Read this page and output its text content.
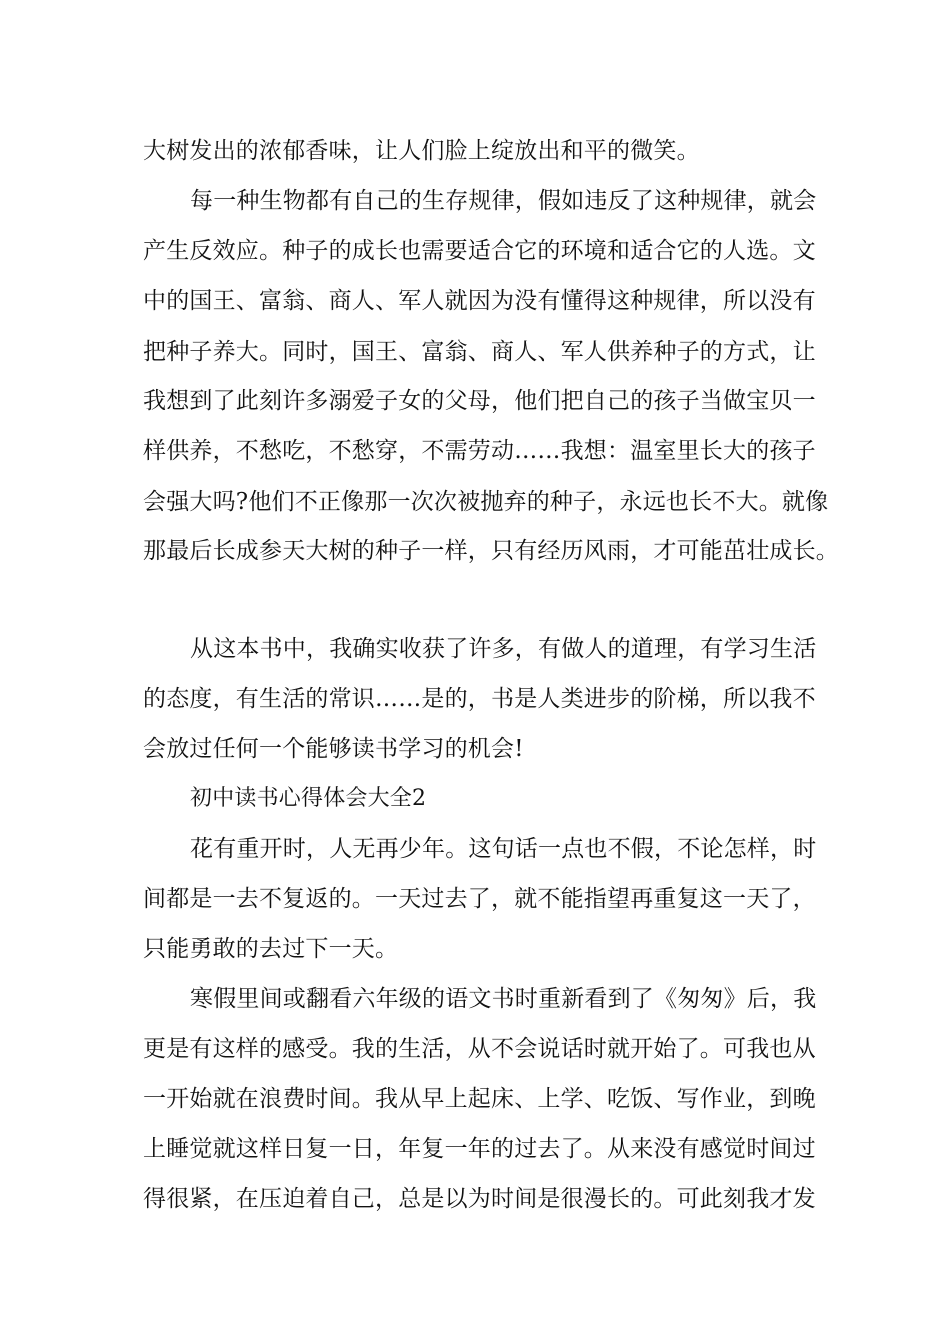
大树发出的浓郁香味，让人们脸上绽放出和平的微笑。
每一种生物都有自己的生存规律，假如违反了这种规律，就会
产生反效应。种子的成长也需要适合它的环境和适合它的人选。文
中的国王、富翁、商人、军人就因为没有懂得这种规律，所以没有
把种子养大。同时，国王、富翁、商人、军人供养种子的方式，让
我想到了此刻许多溺爱子女的父母，他们把自己的孩子当做宝贝一
样供养，不愁吃，不愁穿，不需劳动……我想：温室里长大的孩子
会强大吗?他们不正像那一次次被抛弃的种子，永远也长不大。就像
那最后长成参天大树的种子一样，只有经历风雨，才可能茁壮成长。
从这本书中，我确实收获了许多，有做人的道理，有学习生活
的态度，有生活的常识……是的，书是人类进步的阶梯，所以我不
会放过任何一个能够读书学习的机会!
初中读书心得体会大全2
花有重开时，人无再少年。这句话一点也不假，不论怎样，时
间都是一去不复返的。一天过去了，就不能指望再重复这一天了，
只能勇敢的去过下一天。
寒假里间或翻看六年级的语文书时重新看到了《匆匆》后，我
更是有这样的感受。我的生活，从不会说话时就开始了。可我也从
一开始就在浪费时间。我从早上起床、上学、吃饭、写作业，到晚
上睡觉就这样日复一日，年复一年的过去了。从来没有感觉时间过
得很紧，在压迫着自己，总是以为时间是很漫长的。可此刻我才发
